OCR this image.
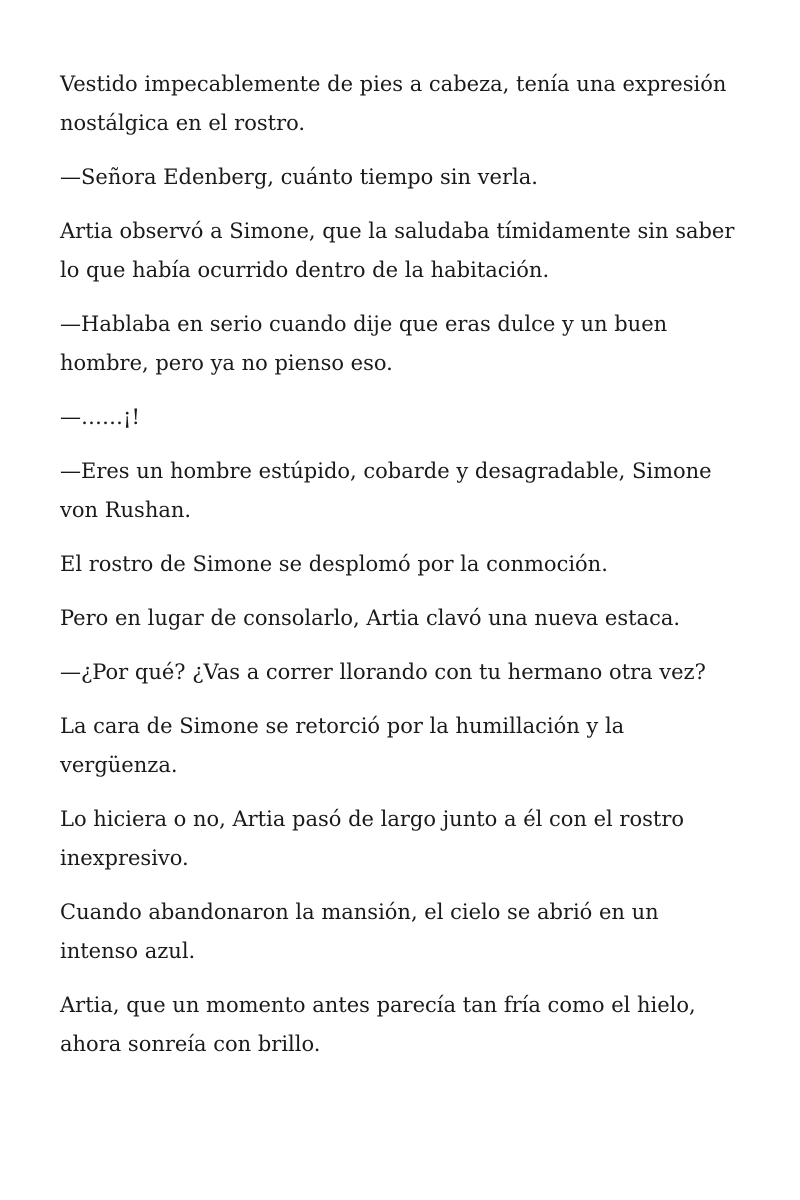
Vestido impecablemente de pies a cabeza, tenía una expresión nostálgica en el rostro.

—Señora Edenberg, cuánto tiempo sin verla.

Artia observó a Simone, que la saludaba tímidamente sin saber lo que había ocurrido dentro de la habitación.

—Hablaba en serio cuando dije que eras dulce y un buen hombre, pero ya no pienso eso.

—……¡!

—Eres un hombre estúpido, cobarde y desagradable, Simone von Rushan.

El rostro de Simone se desplomó por la conmoción.

Pero en lugar de consolarlo, Artia clavó una nueva estaca.

—¿Por qué? ¿Vas a correr llorando con tu hermano otra vez?

La cara de Simone se retorció por la humillación y la vergüenza.

Lo hiciera o no, Artia pasó de largo junto a él con el rostro inexpresivo.

Cuando abandonaron la mansión, el cielo se abrió en un intenso azul.

Artia, que un momento antes parecía tan fría como el hielo, ahora sonreía con brillo.
